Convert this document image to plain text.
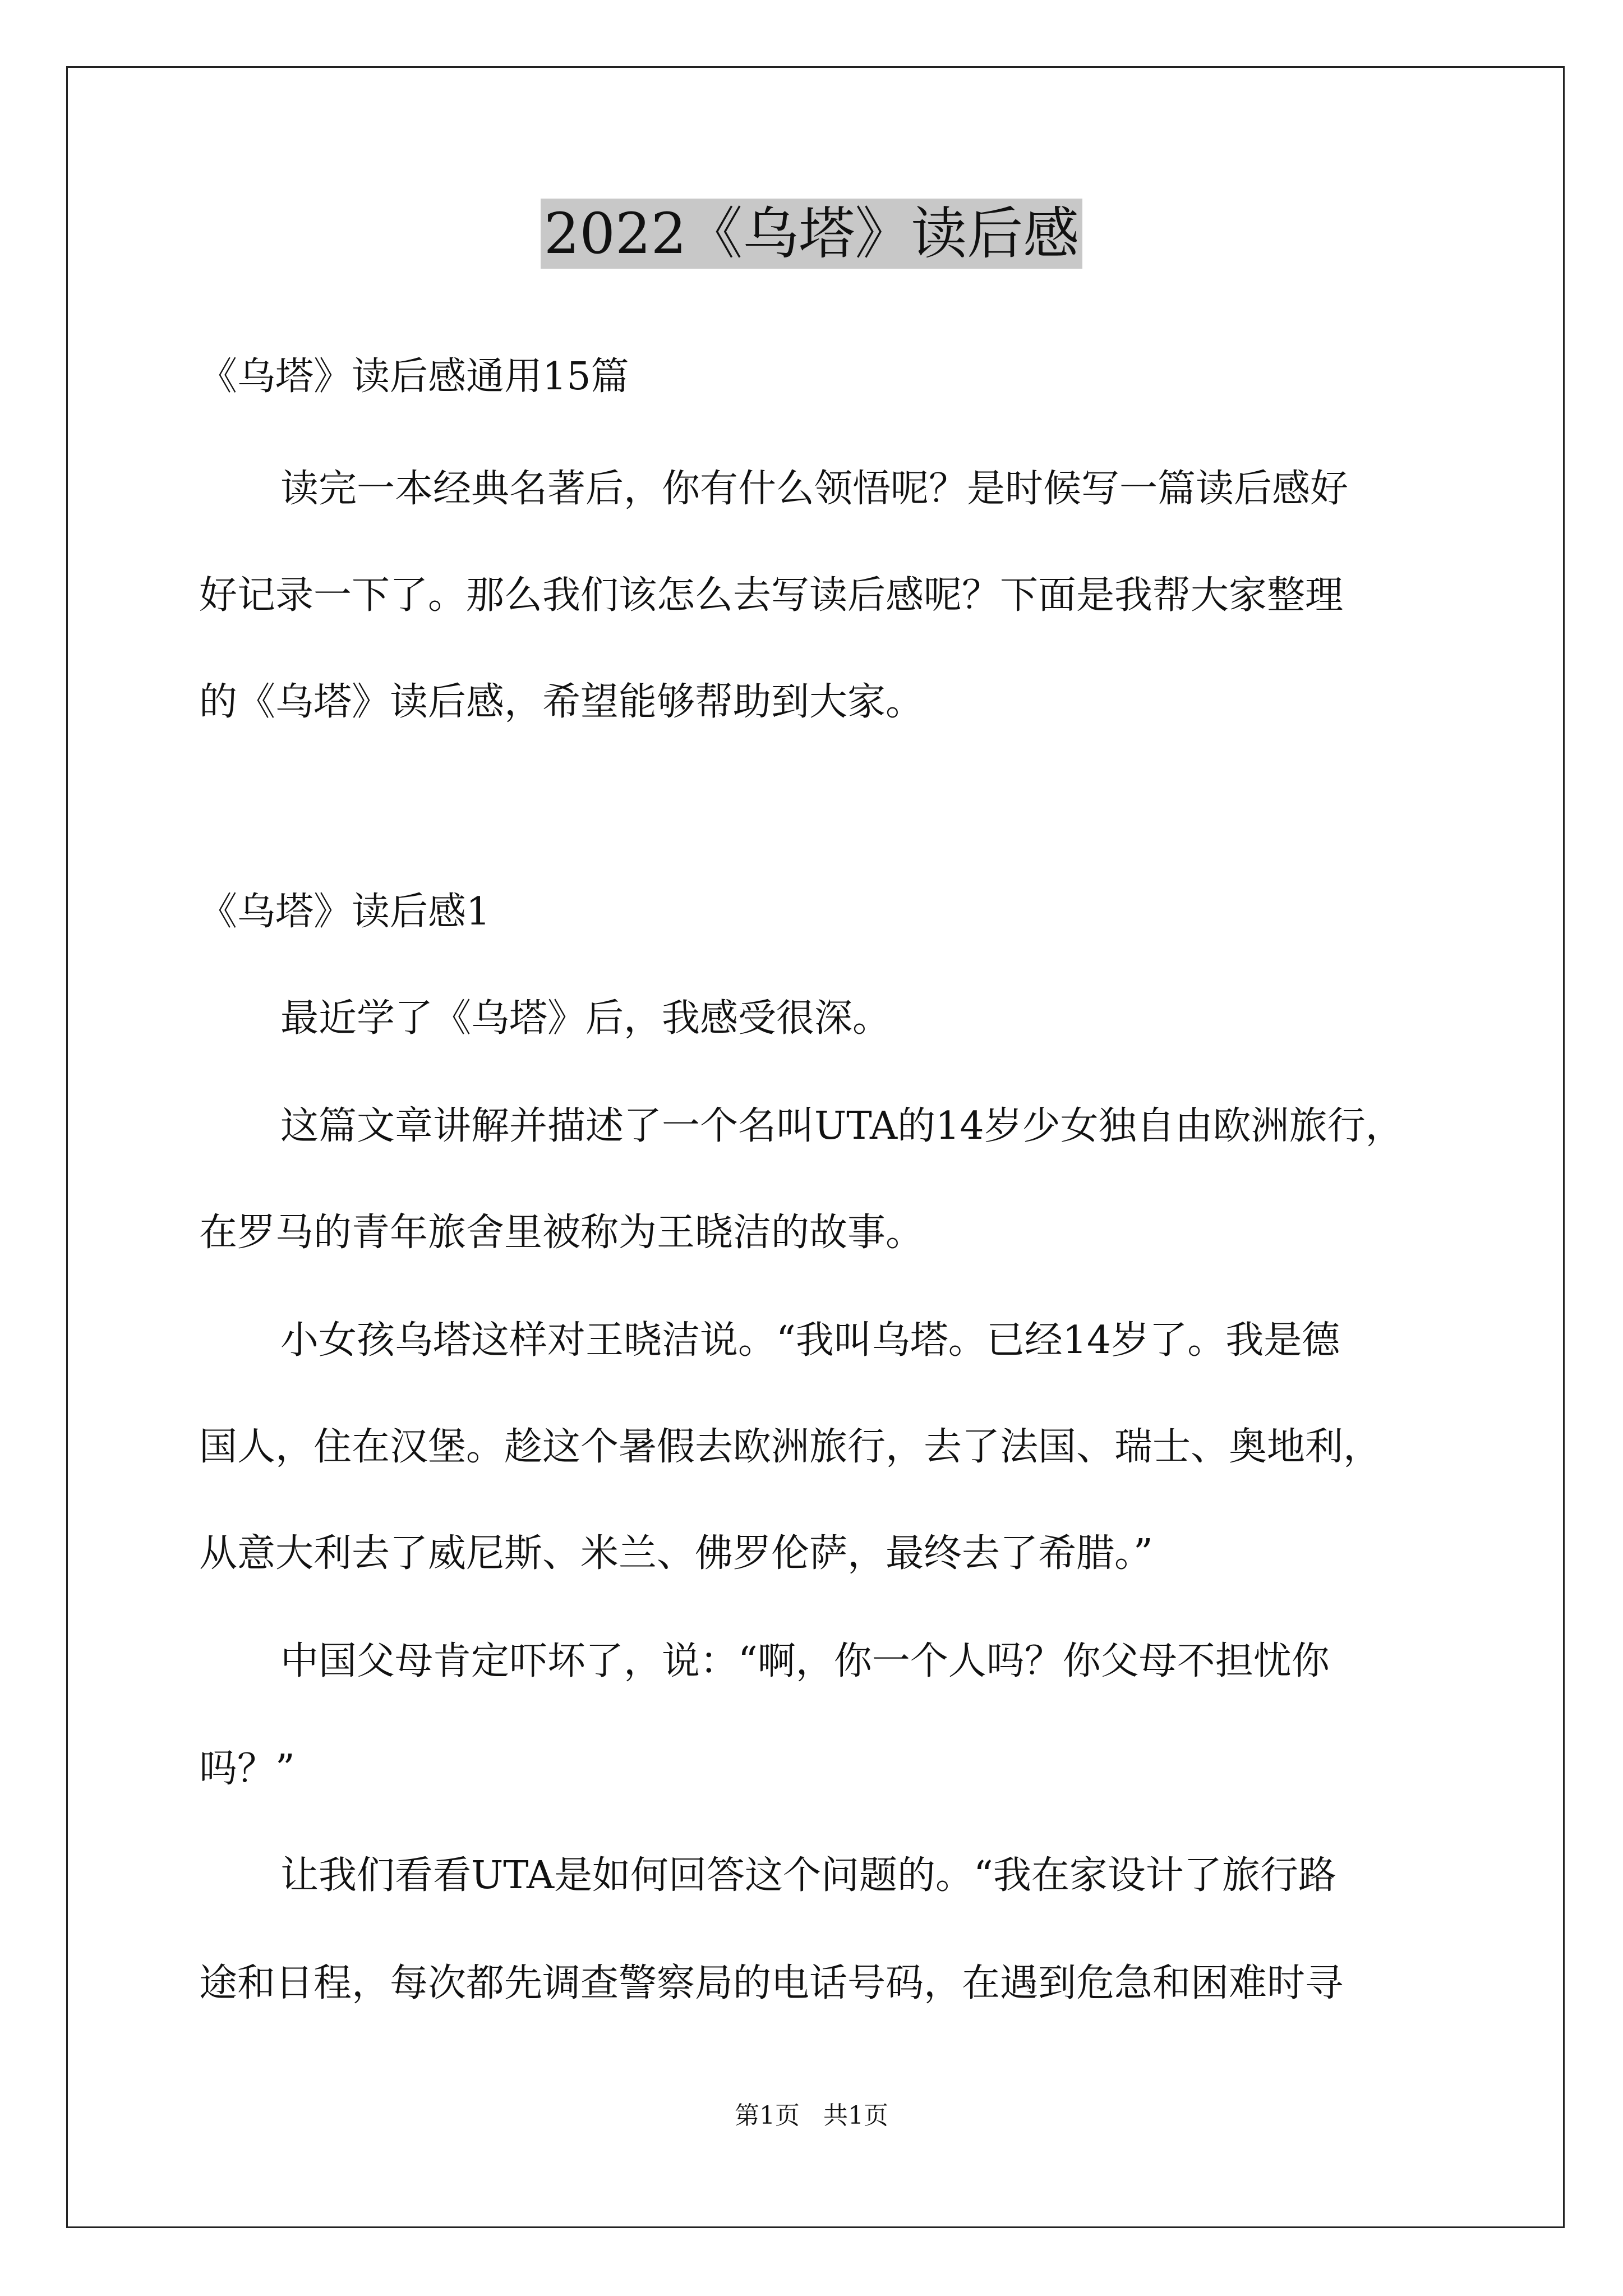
2022《乌塔》读后感

《乌塔》读后感通用15篇

读完一本经典名著后，你有什么领悟呢？是时候写一篇读后感好

好记录一下了。那么我们该怎么去写读后感呢？下面是我帮大家整理

的《乌塔》读后感，希望能够帮助到大家。

《乌塔》读后感1

最近学了《乌塔》后，我感受很深。

这篇文章讲解并描述了一个名叫UTA的14岁少女独自由欧洲旅行，

在罗马的青年旅舍里被称为王晓洁的故事。

小女孩乌塔这样对王晓洁说。“我叫乌塔。已经14岁了。我是德

国人，住在汉堡。趁这个暑假去欧洲旅行，去了法国、瑞士、奥地利，

从意大利去了威尼斯、米兰、佛罗伦萨，最终去了希腊。”

中国父母肯定吓坏了，说：“啊，你一个人吗？你父母不担忧你

吗？”

让我们看看UTA是如何回答这个问题的。“我在家设计了旅行路

途和日程，每次都先调查警察局的电话号码，在遇到危急和困难时寻

第1页   共1页
